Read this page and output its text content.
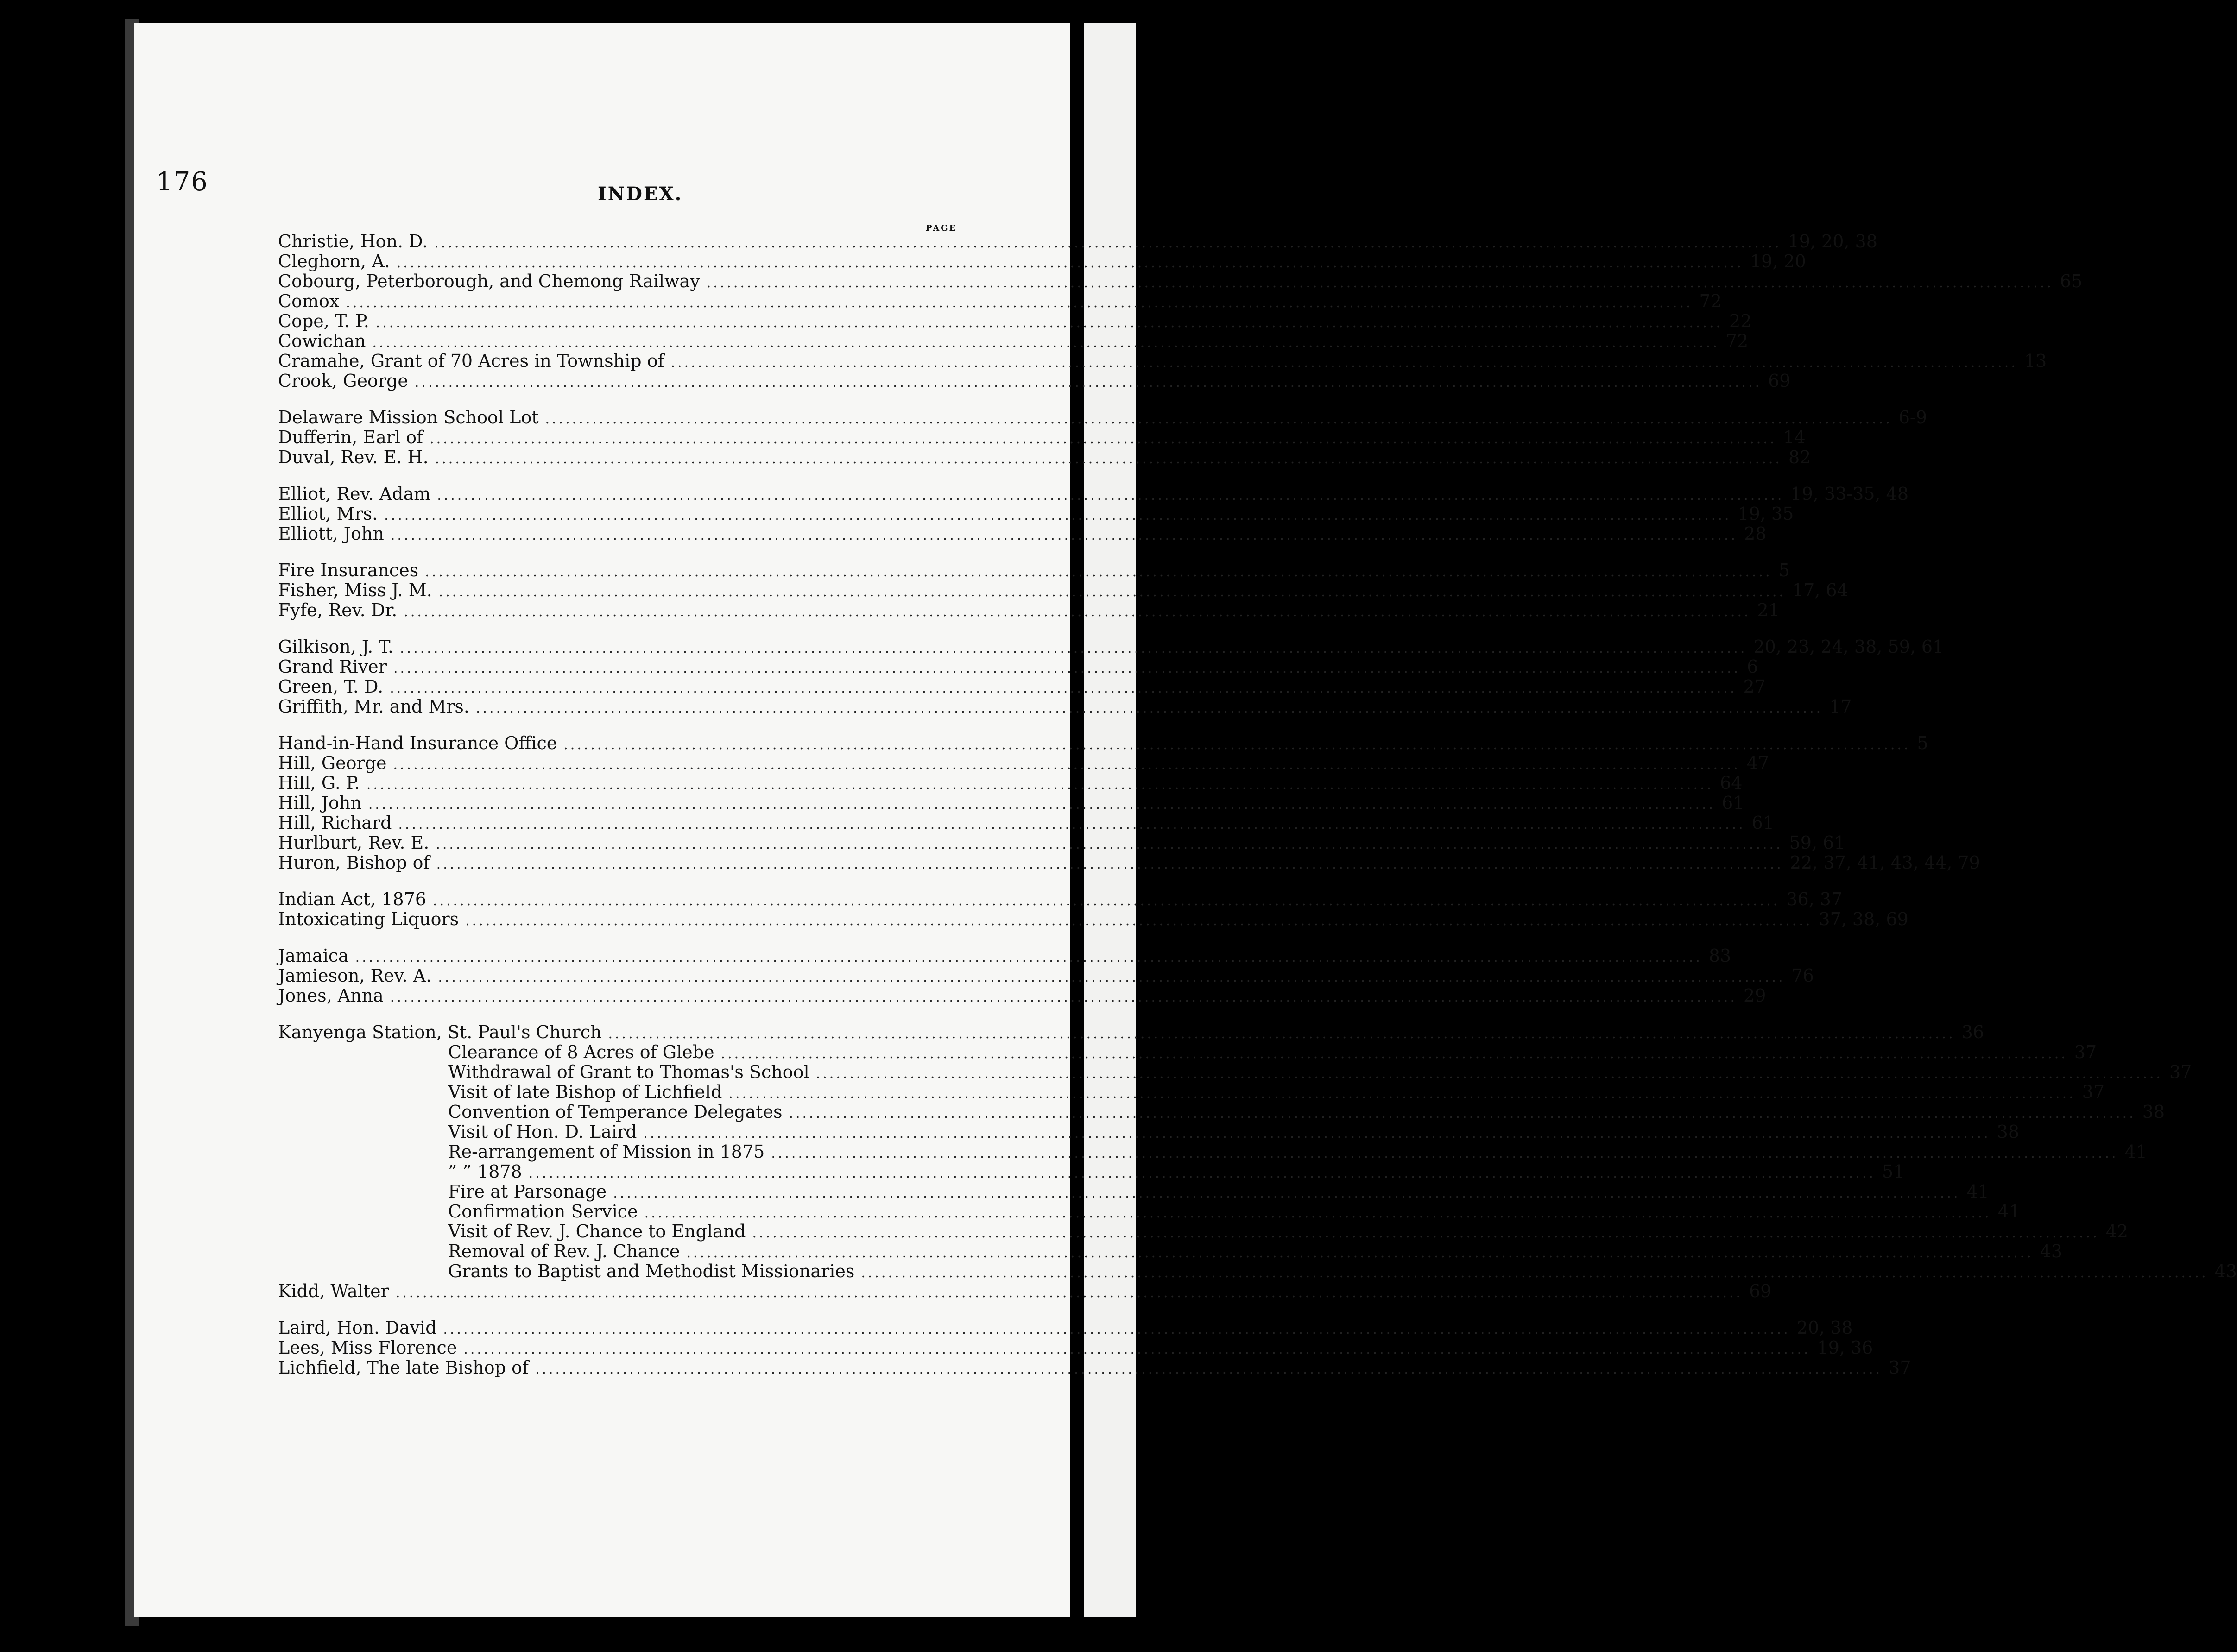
176	INDEX.
PAGE
Christie, Hon. D. ........................................................................................................................................................................................................ 19, 20, 38
Cleghorn, A. ........................................................................................................................................................................................................ 19, 20
Cobourg, Peterborough, and Chemong Railway ........................................................................................................................................................................................................ 65
Comox ........................................................................................................................................................................................................ 72
Cope, T. P. ........................................................................................................................................................................................................ 22
Cowichan ........................................................................................................................................................................................................ 72
Cramahe, Grant of 70 Acres in Township of ........................................................................................................................................................................................................ 13
Crook, George ........................................................................................................................................................................................................ 69
Delaware Mission School Lot ........................................................................................................................................................................................................ 6-9
Dufferin, Earl of ........................................................................................................................................................................................................ 14
Duval, Rev. E. H. ........................................................................................................................................................................................................ 82
Elliot, Rev. Adam ........................................................................................................................................................................................................ 19, 33-35, 48
Elliot, Mrs. ........................................................................................................................................................................................................ 19, 35
Elliott, John ........................................................................................................................................................................................................ 28
Fire Insurances ........................................................................................................................................................................................................ 5
Fisher, Miss J. M. ........................................................................................................................................................................................................ 17, 64
Fyfe, Rev. Dr. ........................................................................................................................................................................................................ 21
Gilkison, J. T. ........................................................................................................................................................................................................ 20, 23, 24, 38, 59, 61
Grand River ........................................................................................................................................................................................................ 6
Green, T. D. ........................................................................................................................................................................................................ 27
Griffith, Mr. and Mrs. ........................................................................................................................................................................................................ 17
Hand-in-Hand Insurance Office ........................................................................................................................................................................................................ 5
Hill, George ........................................................................................................................................................................................................ 47
Hill, G. P. ........................................................................................................................................................................................................ 64
Hill, John ........................................................................................................................................................................................................ 61
Hill, Richard ........................................................................................................................................................................................................ 61
Hurlburt, Rev. E. ........................................................................................................................................................................................................ 59, 61
Huron, Bishop of ........................................................................................................................................................................................................ 22, 37, 41, 43, 44, 79
Indian Act, 1876 ........................................................................................................................................................................................................ 36, 37
Intoxicating Liquors ........................................................................................................................................................................................................ 37, 38, 69
Jamaica ........................................................................................................................................................................................................ 83
Jamieson, Rev. A. ........................................................................................................................................................................................................ 76
Jones, Anna ........................................................................................................................................................................................................ 29
Kanyenga Station, St. Paul's Church ........................................................................................................................................................................................................ 36
Clearance of 8 Acres of Glebe ........................................................................................................................................................................................................ 37
Withdrawal of Grant to Thomas's School ........................................................................................................................................................................................................ 37
Visit of late Bishop of Lichfield ........................................................................................................................................................................................................ 37
Convention of Temperance Delegates ........................................................................................................................................................................................................ 38
Visit of Hon. D. Laird ........................................................................................................................................................................................................ 38
Re-arrangement of Mission in 1875 ........................................................................................................................................................................................................ 41
” ” 1878 ........................................................................................................................................................................................................ 51
Fire at Parsonage ........................................................................................................................................................................................................ 41
Confirmation Service ........................................................................................................................................................................................................ 41
Visit of Rev. J. Chance to England ........................................................................................................................................................................................................ 42
Removal of Rev. J. Chance ........................................................................................................................................................................................................ 43
Grants to Baptist and Methodist Missionaries ........................................................................................................................................................................................................ 43
Kidd, Walter ........................................................................................................................................................................................................ 69
Laird, Hon. David ........................................................................................................................................................................................................ 20, 38
Lees, Miss Florence ........................................................................................................................................................................................................ 19, 36
Lichfield, The late Bishop of ........................................................................................................................................................................................................ 37
